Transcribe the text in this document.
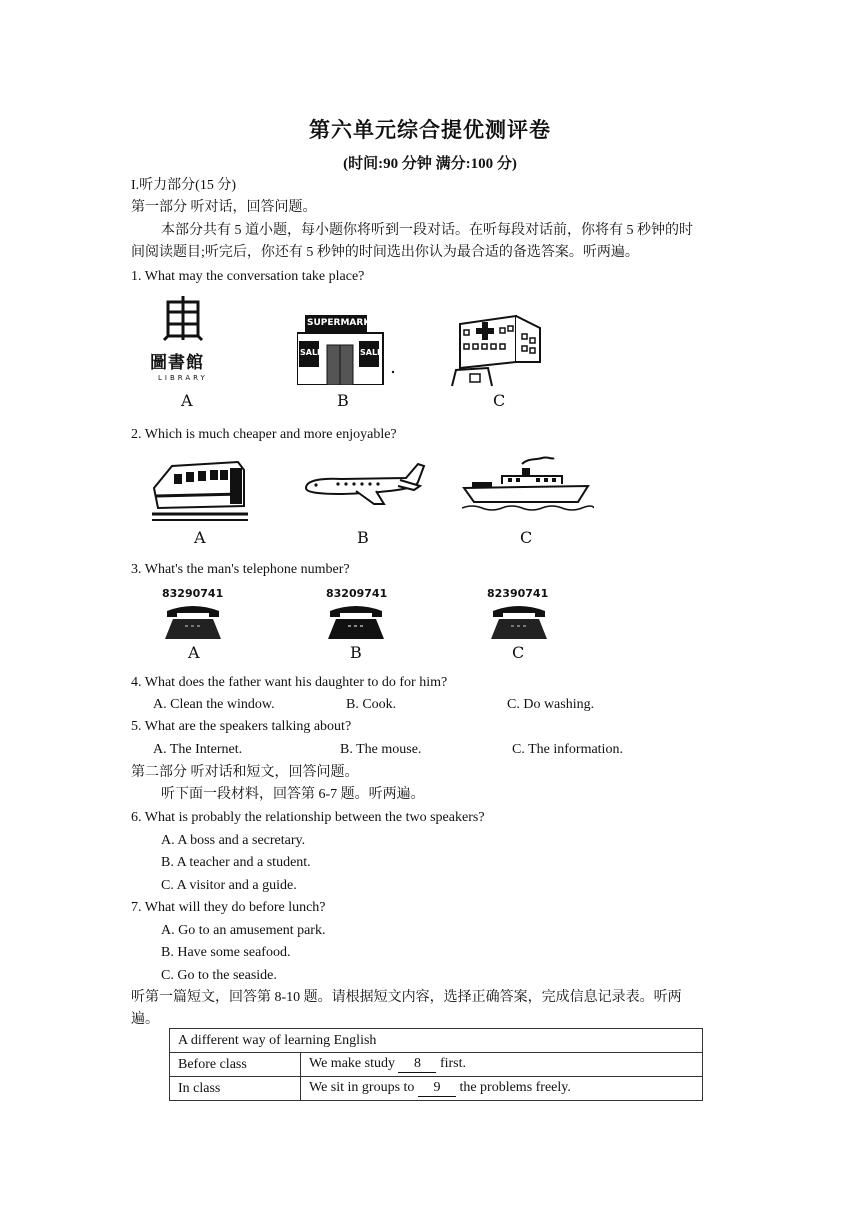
第六单元综合提优测评卷
(时间:90 分钟 满分:100 分)
I.听力部分(15 分)
第一部分 听对话，回答问题。
本部分共有 5 道小题，每小题你将听到一段对话。在听每段对话前，你将有 5 秒钟的时
间阅读题目;听完后，你还有 5 秒钟的时间选出你认为最合适的备选答案。听两遍。
1. What may the conversation take place?
圖書館
LIBRARY
SUPERMARKET
SALE	SALE
A	B	C
2. Which is much cheaper and more enjoyable?
A	B	C
3. What's the man's telephone number?
83290741	83209741	82390741
A	B	C
4. What does the father want his daughter to do for him?
A. Clean the window.	B. Cook.	C. Do washing.
5. What are the speakers talking about?
A. The Internet.	B. The mouse.	C. The information.
第二部分 听对话和短文，回答问题。
听下面一段材料，回答第 6-7 题。听两遍。
6. What is probably the relationship between the two speakers?
A. A boss and a secretary.
B. A teacher and a student.
C. A visitor and a guide.
7. What will they do before lunch?
A. Go to an amusement park.
B. Have some seafood.
C. Go to the seaside.
听第一篇短文，回答第 8-10 题。请根据短文内容，选择正确答案，完成信息记录表。听两
遍。
A different way of learning English	
Before class	We make study 8 first.
In class	We sit in groups to 9 the problems freely.
